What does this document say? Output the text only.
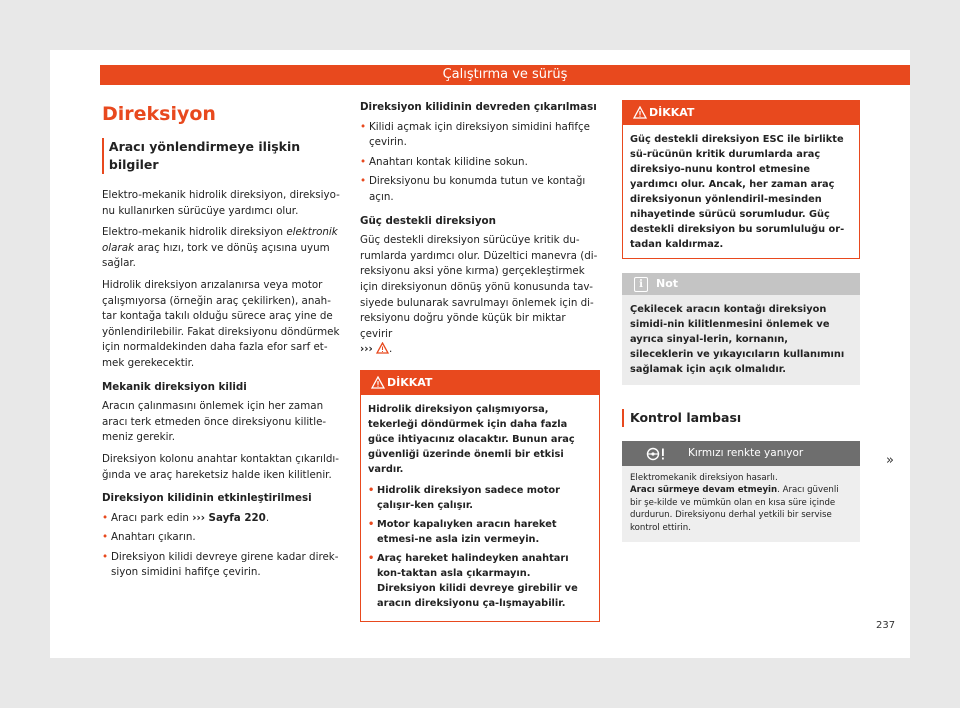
Çalıştırma ve sürüş
Direksiyon
Aracı yönlendirmeye ilişkin bilgiler

Elektro-mekanik hidrolik direksiyon, direksiyo-nu kullanırken sürücüye yardımcı olur.

Elektro-mekanik hidrolik direksiyon elektronik olarak araç hızı, tork ve dönüş açısına uyum sağlar.

Hidrolik direksiyon arızalanırsa veya motor çalışmıyorsa (örneğin araç çekilirken), anah-tar kontağa takılı olduğu sürece araç yine de yönlendirilebilir. Fakat direksiyonu döndürmek için normaldekinden daha fazla efor sarf et-mek gerekecektir.

Mekanik direksiyon kilidi

Aracın çalınmasını önlemek için her zaman aracı terk etmeden önce direksiyonu kilitle-meniz gerekir.

Direksiyon kolonu anahtar kontaktan çıkarıldı-ğında ve araç hareketsiz halde iken kilitlenir.

Direksiyon kilidinin etkinleştirilmesi
• Aracı park edin ››› Sayfa 220.
• Anahtarı çıkarın.
• Direksiyon kilidi devreye girene kadar direk-siyon simidini hafifçe çevirin.
Direksiyon kilidinin devreden çıkarılması
• Kilidi açmak için direksiyon simidini hafifçe çevirin.
• Anahtarı kontak kilidine sokun.
• Direksiyonu bu konumda tutun ve kontağı açın.
Güç destekli direksiyon

Güç destekli direksiyon sürücüye kritik du-rumlarda yardımcı olur. Düzeltici manevra (di-reksiyonu aksi yöne kırma) gerçekleştirmek için direksiyonun dönüş yönü konusunda tav-siyede bulunarak savrulmayı önlemek için di-reksiyonu doğru yönde küçük bir miktar çevirir
››› .

DİKKAT

Hidrolik direksiyon çalışmıyorsa, tekerleği döndürmek için daha fazla güce ihtiyacınız olacaktır. Bunun araç güvenliği üzerinde önemli bir etkisi vardır.

• Hidrolik direksiyon sadece motor çalışır-ken çalışır.
• Motor kapalıyken aracın hareket etmesi-ne asla izin vermeyin.
• Araç hareket halindeyken anahtarı kon-taktan asla çıkarmayın. Direksiyon kilidi devreye girebilir ve aracın direksiyonu ça-lışmayabilir.
DİKKAT

Güç destekli direksiyon ESC ile birlikte sü-rücünün kritik durumlarda araç direksiyo-nunu kontrol etmesine yardımcı olur. Ancak, her zaman araç direksiyonun yönlendiril-mesinden nihayetinde sürücü sorumludur. Güç destekli direksiyon bu sorumluluğu or-tadan kaldırmaz.

i	Not
Çekilecek aracın kontağı direksiyon simidi-nin kilitlenmesini önlemek ve ayrıca sinyal-lerin, kornanın, sileceklerin ve yıkayıcıların kullanımını sağlamak için açık olmalıdır.
Kontrol lambası
Kırmızı renkte yanıyor
Elektromekanik direksiyon hasarlı.
Aracı sürmeye devam etmeyin. Aracı güvenli bir şe-kilde ve mümkün olan en kısa süre içinde durdurun. Direksiyonu derhal yetkili bir servise kontrol ettirin.
»
237
